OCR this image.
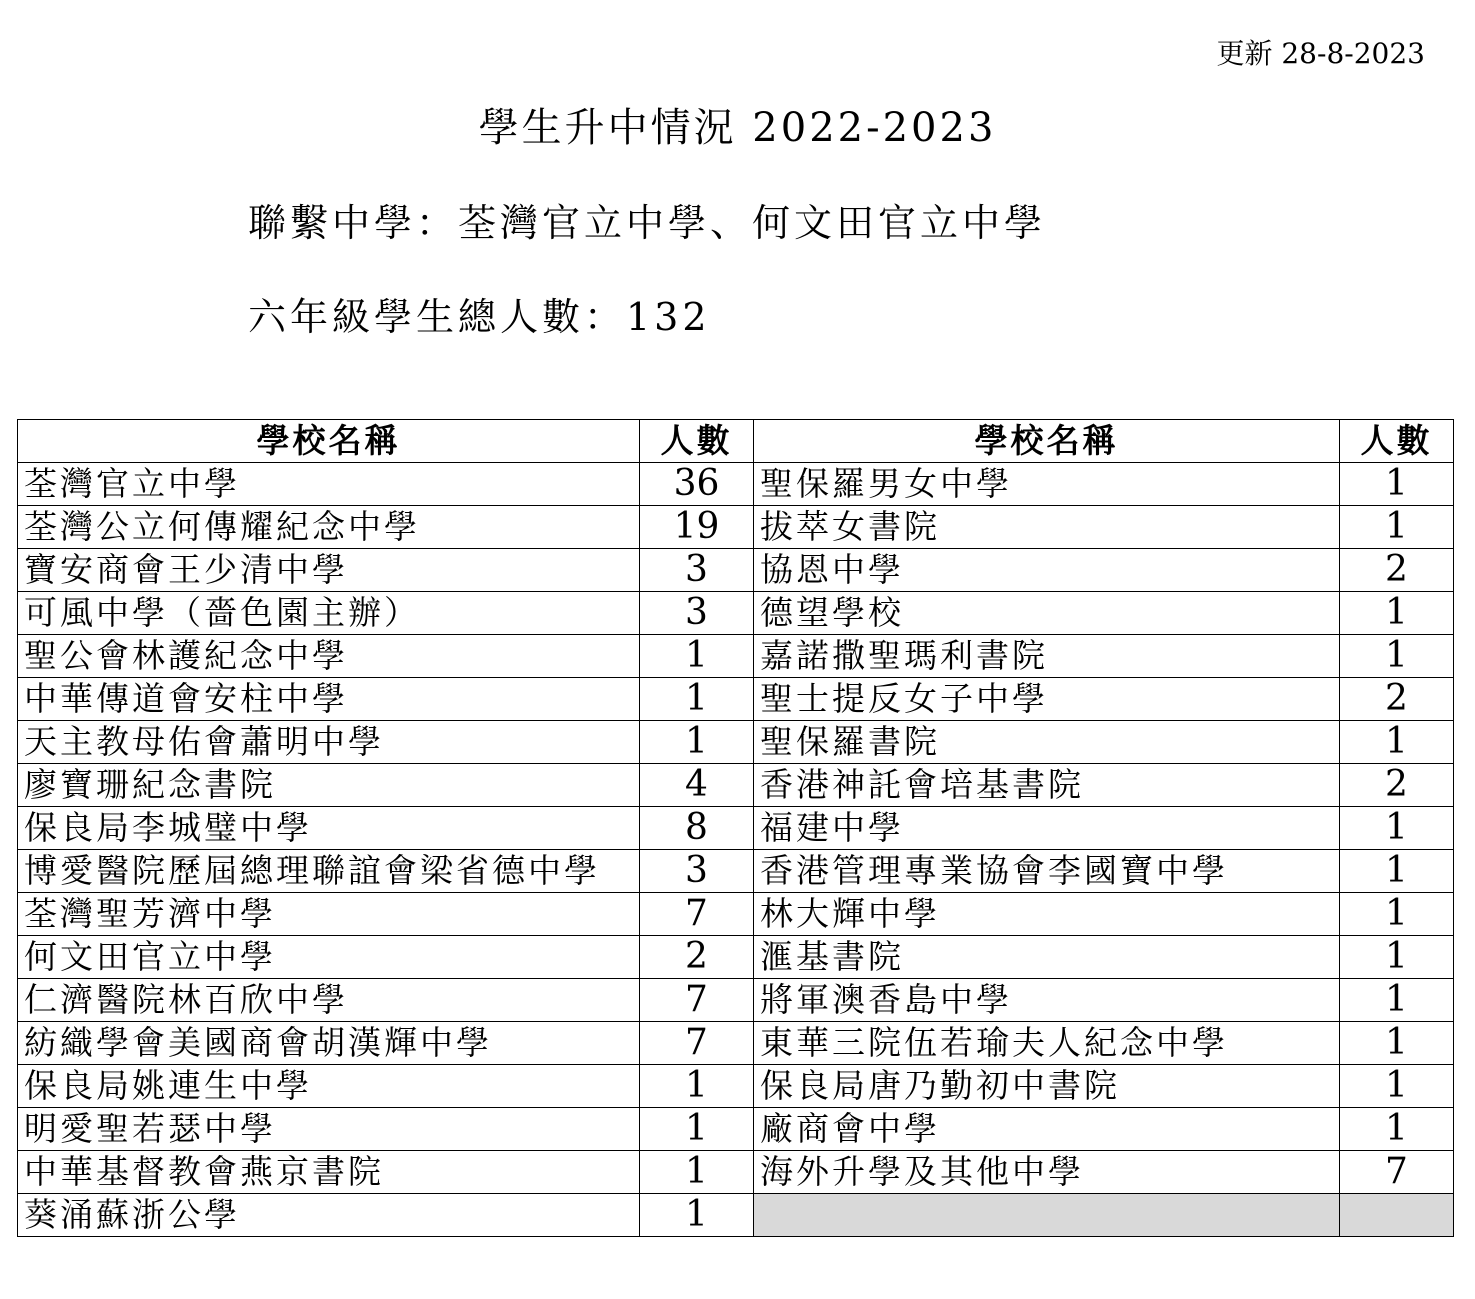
更新 28-8-2023
學生升中情況 2022-2023
聯繫中學：荃灣官立中學、何文田官立中學
六年級學生總人數：132
學校名稱	人數	學校名稱	人數
荃灣官立中學	36	聖保羅男女中學	1
荃灣公立何傳耀紀念中學	19	拔萃女書院	1
寶安商會王少清中學	3	協恩中學	2
可風中學（嗇色園主辦）	3	德望學校	1
聖公會林護紀念中學	1	嘉諾撒聖瑪利書院	1
中華傳道會安柱中學	1	聖士提反女子中學	2
天主教母佑會蕭明中學	1	聖保羅書院	1
廖寶珊紀念書院	4	香港神託會培基書院	2
保良局李城璧中學	8	福建中學	1
博愛醫院歷屆總理聯誼會梁省德中學	3	香港管理專業協會李國寶中學	1
荃灣聖芳濟中學	7	林大輝中學	1
何文田官立中學	2	滙基書院	1
仁濟醫院林百欣中學	7	將軍澳香島中學	1
紡織學會美國商會胡漢輝中學	7	東華三院伍若瑜夫人紀念中學	1
保良局姚連生中學	1	保良局唐乃勤初中書院	1
明愛聖若瑟中學	1	廠商會中學	1
中華基督教會燕京書院	1	海外升學及其他中學	7
葵涌蘇浙公學	1		
